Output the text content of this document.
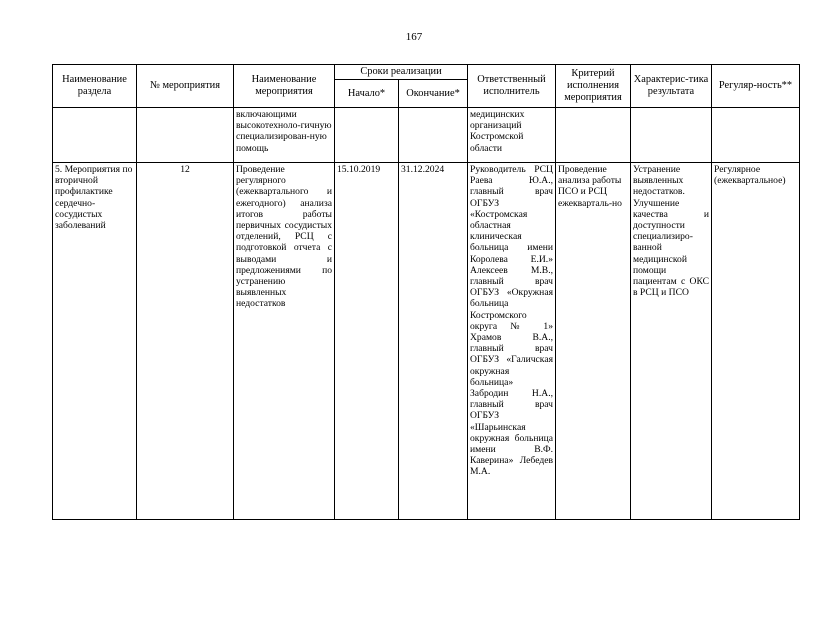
167
Наименование раздела	№ мероприятия	Наименование мероприятия	Сроки реализации		Ответственный исполнитель	Критерий исполнения мероприятия	Характерис-тика результата	Регуляр-ность**
			Начало*	Окончание*				
		включающими высокотехноло-гичную специализирован-ную помощь			медицинских организаций Костромской области			
5. Мероприятия по вторичной профилактике сердечно-сосудистых заболеваний	12	Проведение регулярного (ежеквартального и ежегодного) анализа итогов работы первичных сосудистых отделений, РСЦ с подготовкой отчета с выводами и предложениями по устранению выявленных недостатков	15.10.2019	31.12.2024	Руководитель РСЦ Раева Ю.А., главный врач ОГБУЗ «Костромская областная клиническая больница имени Королева Е.И.» Алексеев М.В., главный врач ОГБУЗ «Окружная больница Костромского округа № 1» Храмов В.А., главный врач ОГБУЗ «Галичская окружная больница» Забродин Н.А., главный врач ОГБУЗ «Шарьинская окружная больница имени В.Ф. Каверина» Лебедев М.А.	Проведение анализа работы ПСО и РСЦ ежекварталь-но	Устранение выявленных недостатков. Улучшение качества и доступности специализиро-ванной медицинской помощи пациентам с ОКС в РСЦ и ПСО	Регулярное (ежеквартальное)
